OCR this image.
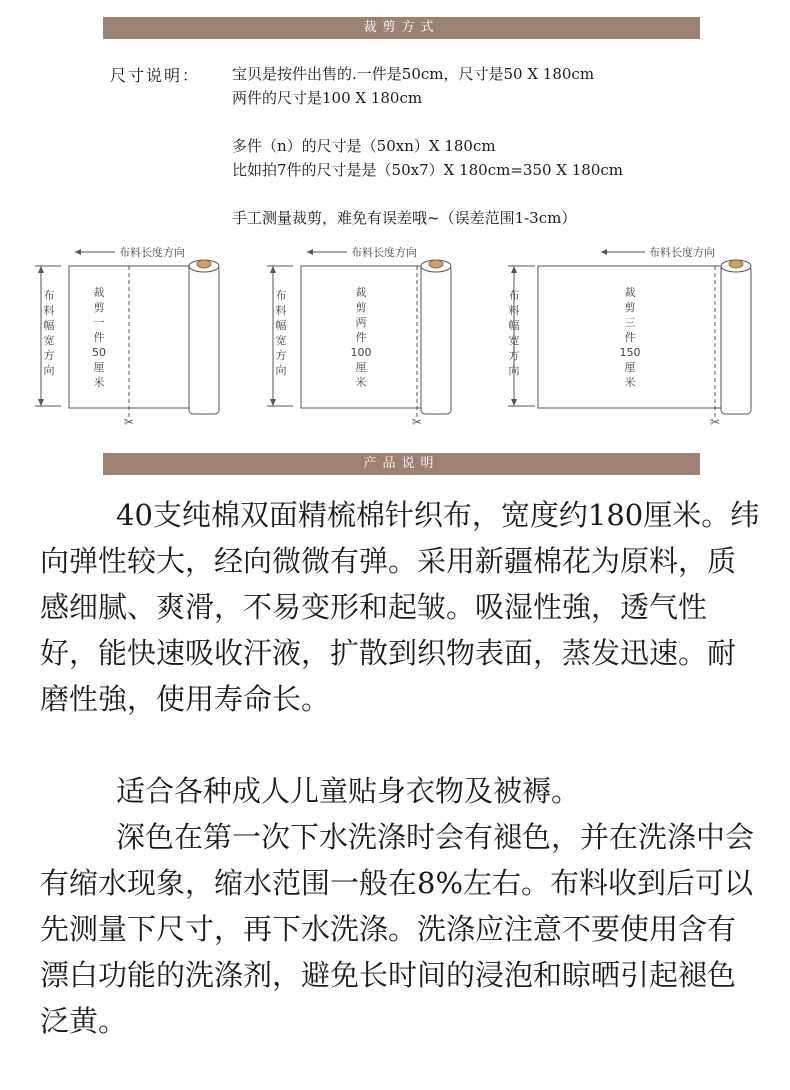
裁剪方式
尺寸说明： 宝贝是按件出售的.一件是50cm，尺寸是50 X 180cm
两件的尺寸是100 X 180cm
多件（n）的尺寸是（50xn）X 180cm
比如拍7件的尺寸是是（50x7）X 180cm=350 X 180cm
手工测量裁剪，难免有误差哦~（误差范围1-3cm）
布料长度方向
布
料
幅
宽
方
向
✂
裁
剪
一
件
50
厘
米
布料长度方向
布
料
幅
宽
方
向
✂
裁
剪
两
件
100
厘
米
布料长度方向
布
料
幅
宽
方
向
✂
裁
剪
三
件
150
厘
米
产品说明
40支纯棉双面精梳棉针织布，宽度约180厘米。纬向弹性较大，经向微微有弹。采用新疆棉花为原料，质感细腻、爽滑，不易变形和起皱。吸湿性強，透气性好，能快速吸收汗液，扩散到织物表面，蒸发迅速。耐磨性強，使用寿命长。
适合各种成人儿童贴身衣物及被褥。
深色在第一次下水洗涤时会有褪色，并在洗涤中会有缩水现象，缩水范围一般在8%左右。布料收到后可以先测量下尺寸，再下水洗涤。洗涤应注意不要使用含有漂白功能的洗涤剂，避免长时间的浸泡和晾晒引起褪色泛黄。
